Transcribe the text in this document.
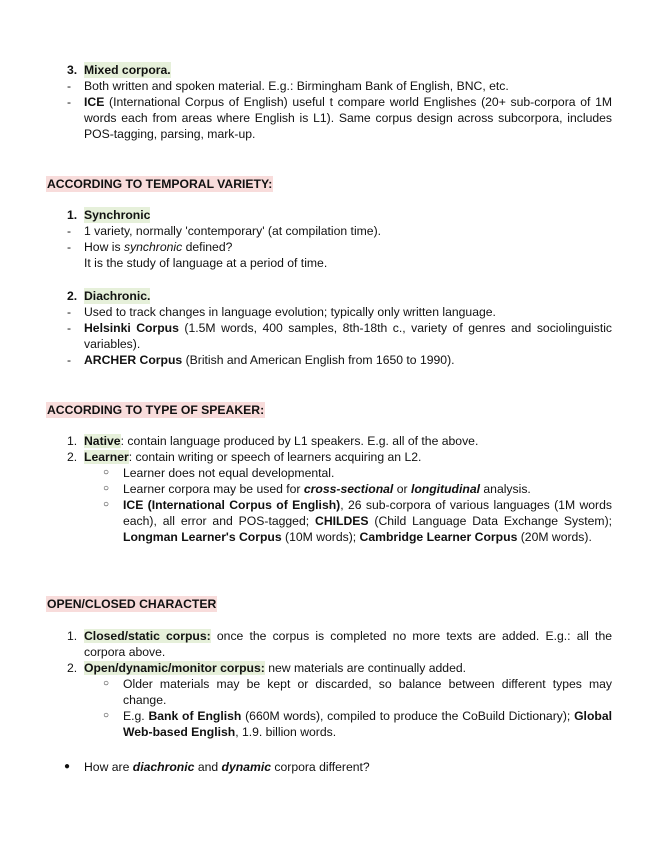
3. Mixed corpora.
-	Both written and spoken material. E.g.: Birmingham Bank of English, BNC, etc.
-	ICE (International Corpus of English) useful t compare world Englishes (20+ sub-corpora of 1M words each from areas where English is L1). Same corpus design across subcorpora, includes POS-tagging, parsing, mark-up.
ACCORDING TO TEMPORAL VARIETY:
1. Synchronic
-	1 variety, normally 'contemporary' (at compilation time).
-	How is synchronic defined?
It is the study of language at a period of time.
2. Diachronic.
-	Used to track changes in language evolution; typically only written language.
-	Helsinki Corpus (1.5M words, 400 samples, 8th-18th c., variety of genres and sociolinguistic variables).
-	ARCHER Corpus (British and American English from 1650 to 1990).
ACCORDING TO TYPE OF SPEAKER:
1. Native: contain language produced by L1 speakers. E.g. all of the above.
2. Learner: contain writing or speech of learners acquiring an L2.
○	Learner does not equal developmental.
○	Learner corpora may be used for cross-sectional or longitudinal analysis.
○	ICE (International Corpus of English), 26 sub-corpora of various languages (1M words each), all error and POS-tagged; CHILDES (Child Language Data Exchange System); Longman Learner's Corpus (10M words); Cambridge Learner Corpus (20M words).
OPEN/CLOSED CHARACTER
1. Closed/static corpus: once the corpus is completed no more texts are added. E.g.: all the corpora above.
2. Open/dynamic/monitor corpus: new materials are continually added.
○	Older materials may be kept or discarded, so balance between different types may change.
○	E.g. Bank of English (660M words), compiled to produce the CoBuild Dictionary); Global Web-based English, 1.9. billion words.
●	How are diachronic and dynamic corpora different?
